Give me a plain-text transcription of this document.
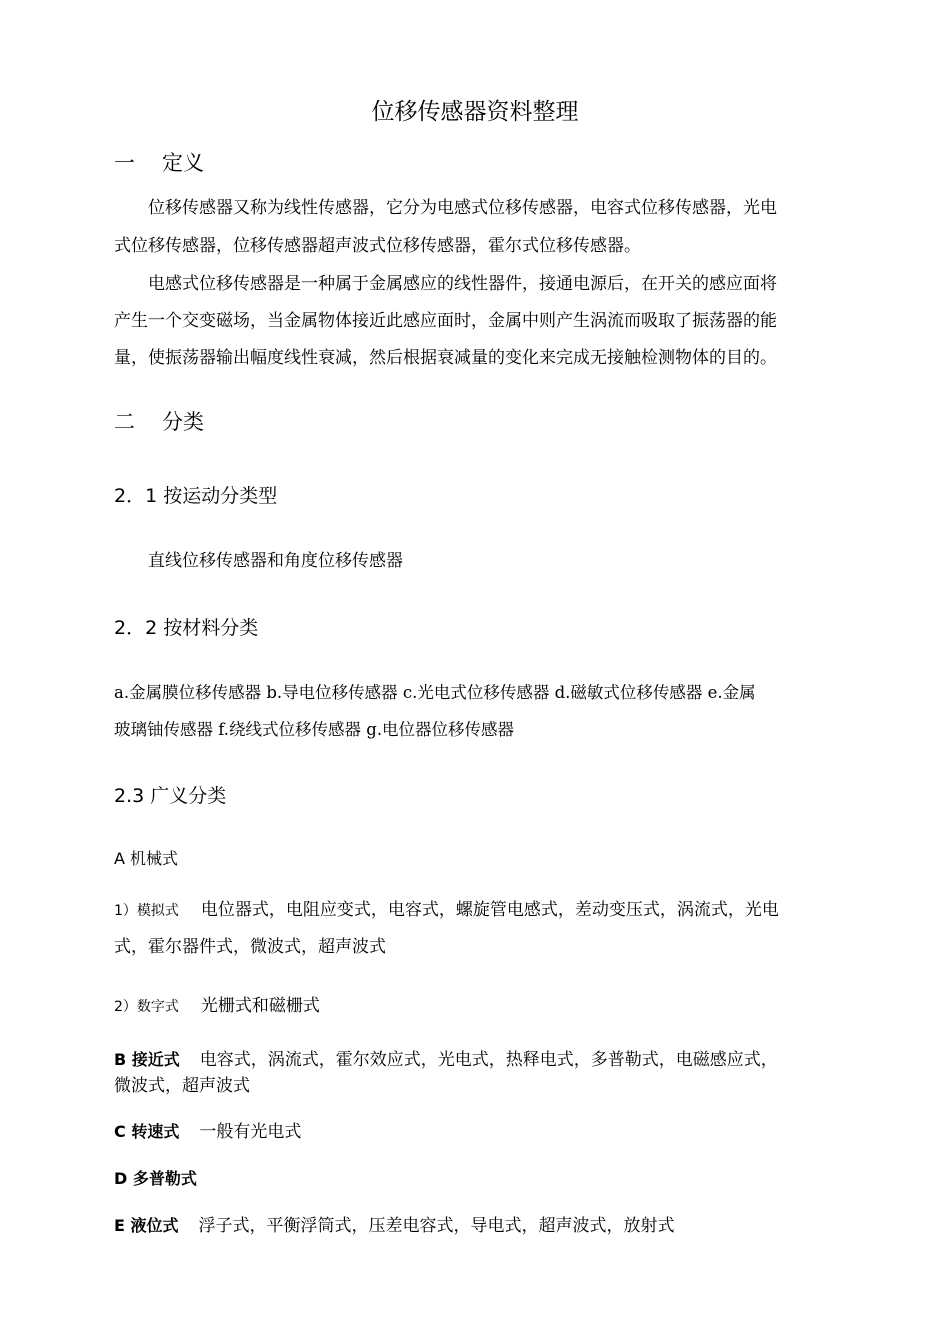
位移传感器资料整理
一 定义
位移传感器又称为线性传感器，它分为电感式位移传感器，电容式位移传感器，光电
式位移传感器，位移传感器超声波式位移传感器，霍尔式位移传感器。
电感式位移传感器是一种属于金属感应的线性器件，接通电源后，在开关的感应面将
产生一个交变磁场，当金属物体接近此感应面时，金属中则产生涡流而吸取了振荡器的能
量，使振荡器输出幅度线性衰减，然后根据衰减量的变化来完成无接触检测物体的目的。
二 分类
2．1 按运动分类型
直线位移传感器和角度位移传感器
2．2 按材料分类
a.金属膜位移传感器 b.导电位移传感器 c.光电式位移传感器 d.磁敏式位移传感器 e.金属
玻璃铀传感器 f.绕线式位移传感器 g.电位器位移传感器
2.3 广义分类
A 机械式
1）模拟式 电位器式，电阻应变式，电容式，螺旋管电感式，差动变压式，涡流式，光电
式，霍尔器件式，微波式，超声波式
2）数字式 光栅式和磁栅式
B 接近式 电容式，涡流式，霍尔效应式，光电式，热释电式，多普勒式，电磁感应式，
微波式，超声波式
C 转速式 一般有光电式
D 多普勒式
E 液位式 浮子式，平衡浮筒式，压差电容式，导电式，超声波式，放射式
